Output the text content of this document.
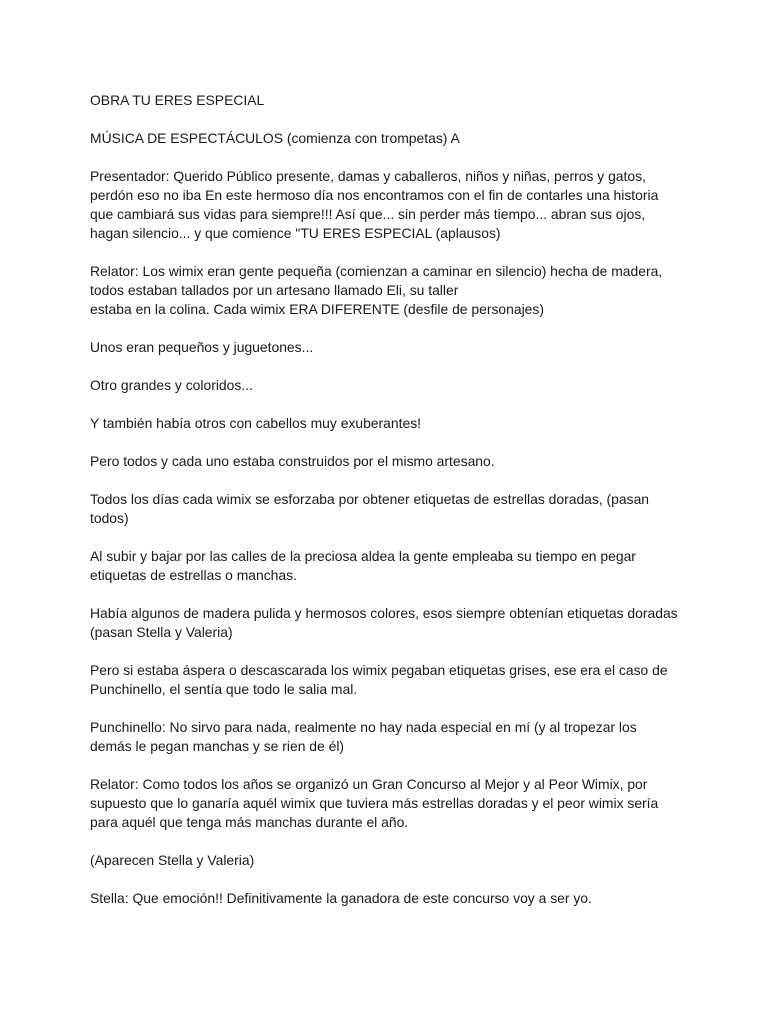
OBRA TU ERES ESPECIAL

MÚSICA DE ESPECTÁCULOS (comienza con trompetas) A

Presentador: Querido Público presente, damas y caballeros, niños y niñas, perros y gatos,
perdón eso no iba En este hermoso día nos encontramos con el fin de contarles una historia
que cambiará sus vidas para siempre!!! Así que... sin perder más tiempo... abran sus ojos,
hagan silencio... y que comience "TU ERES ESPECIAL (aplausos)

Relator: Los wimix eran gente pequeña (comienzan a caminar en silencio) hecha de madera,
todos estaban tallados por un artesano llamado Eli, su taller
estaba en la colina. Cada wimix ERA DIFERENTE (desfile de personajes)

Unos eran pequeños y juguetones...

Otro grandes y coloridos...

Y también había otros con cabellos muy exuberantes!

Pero todos y cada uno estaba construidos por el mismo artesano.

Todos los días cada wimix se esforzaba por obtener etiquetas de estrellas doradas, (pasan
todos)

Al subir y bajar por las calles de la preciosa aldea la gente empleaba su tiempo en pegar
etiquetas de estrellas o manchas.

Había algunos de madera pulida y hermosos colores, esos siempre obtenían etiquetas doradas
(pasan Stella y Valeria)

Pero si estaba áspera o descascarada los wimix pegaban etiquetas grises, ese era el caso de
Punchinello, el sentía que todo le salia mal.

Punchinello: No sirvo para nada, realmente no hay nada especial en mí (y al tropezar los
demás le pegan manchas y se rien de él)

Relator: Como todos los años se organizó un Gran Concurso al Mejor y al Peor Wimix, por
supuesto que lo ganaría aquél wimix que tuviera más estrellas doradas y el peor wimix sería
para aquél que tenga más manchas durante el año.

(Aparecen Stella y Valeria)

Stella: Que emoción!! Definitivamente la ganadora de este concurso voy a ser yo.
